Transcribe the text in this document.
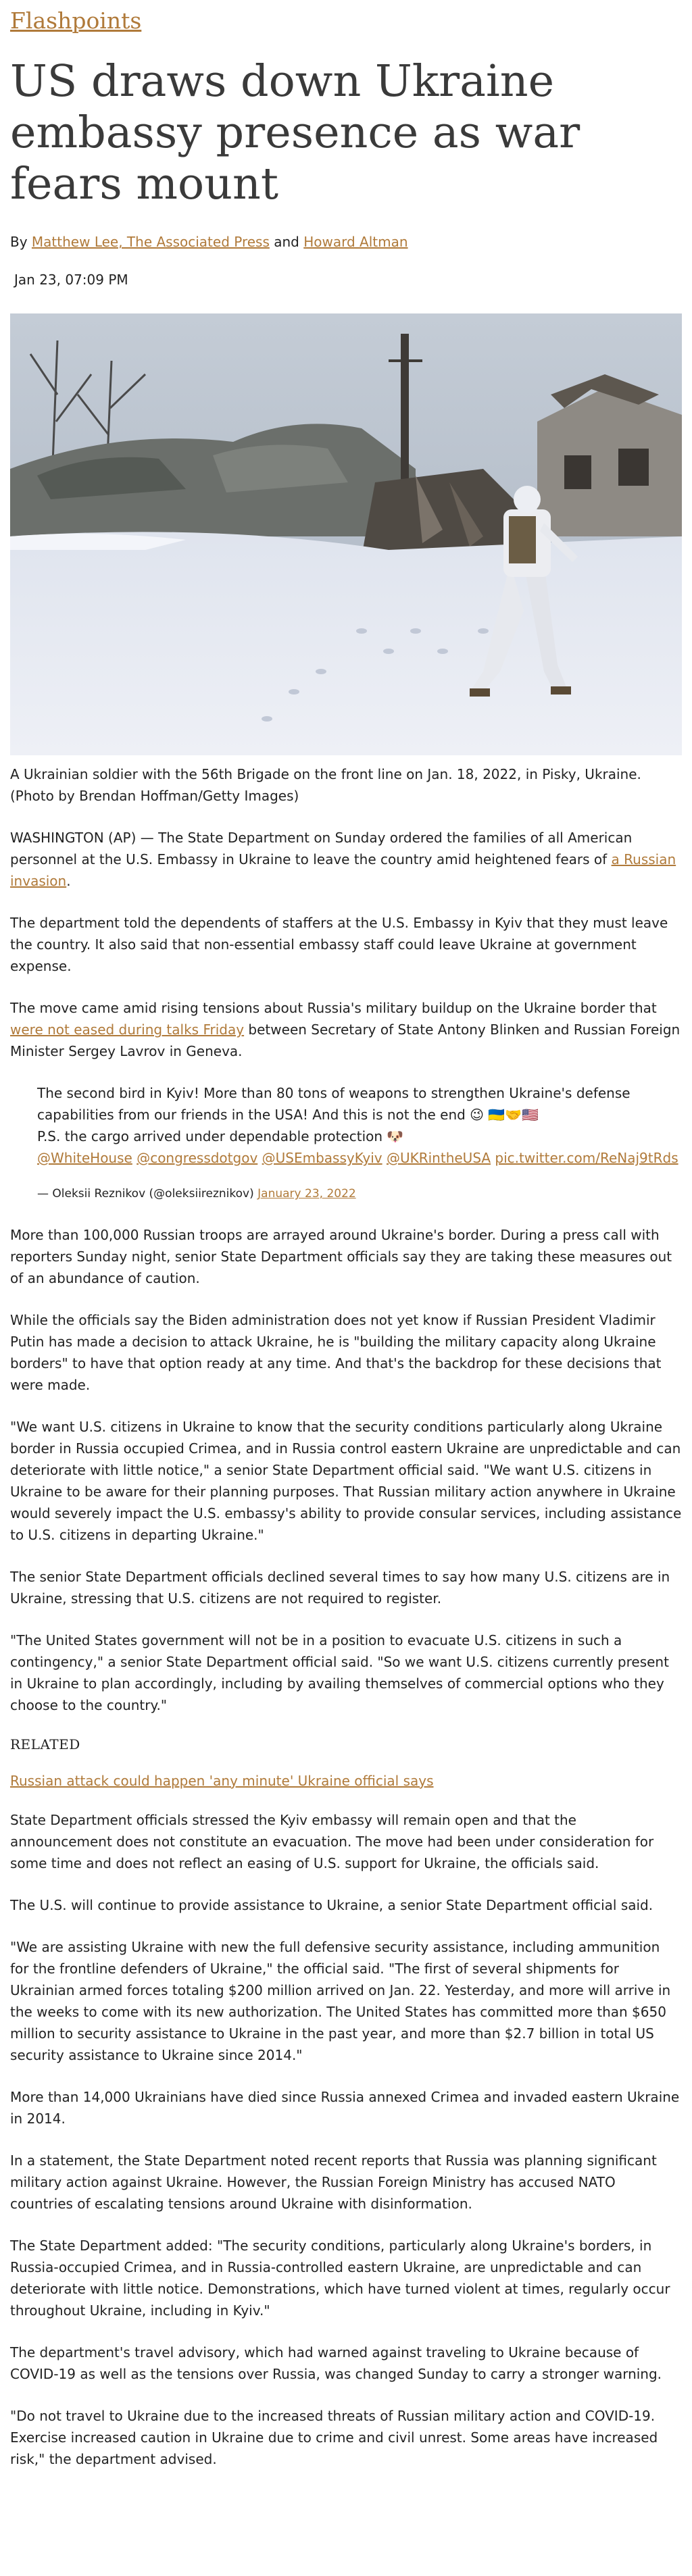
Flashpoints
US draws down Ukraine embassy presence as war fears mount
By Matthew Lee, The Associated Press and Howard Altman
Jan 23, 07:09 PM
A Ukrainian soldier with the 56th Brigade on the front line on Jan. 18, 2022, in Pisky, Ukraine. (Photo by Brendan Hoffman/Getty Images)

WASHINGTON (AP) — The State Department on Sunday ordered the families of all American personnel at the U.S. Embassy in Ukraine to leave the country amid heightened fears of a Russian invasion.

The department told the dependents of staffers at the U.S. Embassy in Kyiv that they must leave the country. It also said that non-essential embassy staff could leave Ukraine at government expense.

The move came amid rising tensions about Russia's military buildup on the Ukraine border that were not eased during talks Friday between Secretary of State Antony Blinken and Russian Foreign Minister Sergey Lavrov in Geneva.

The second bird in Kyiv! More than 80 tons of weapons to strengthen Ukraine's defense capabilities from our friends in the USA! And this is not the end 😉 🇺🇦🤝🇺🇸
P.S. the cargo arrived under dependable protection 🐶
@WhiteHouse @congressdotgov @USEmbassyKyiv @UKRintheUSA pic.twitter.com/ReNaj9tRds
— Oleksii Reznikov (@oleksiireznikov) January 23, 2022

More than 100,000 Russian troops are arrayed around Ukraine's border. During a press call with reporters Sunday night, senior State Department officials say they are taking these measures out of an abundance of caution.

While the officials say the Biden administration does not yet know if Russian President Vladimir Putin has made a decision to attack Ukraine, he is "building the military capacity along Ukraine borders" to have that option ready at any time. And that's the backdrop for these decisions that were made.

"We want U.S. citizens in Ukraine to know that the security conditions particularly along Ukraine border in Russia occupied Crimea, and in Russia control eastern Ukraine are unpredictable and can deteriorate with little notice," a senior State Department official said. "We want U.S. citizens in Ukraine to be aware for their planning purposes. That Russian military action anywhere in Ukraine would severely impact the U.S. embassy's ability to provide consular services, including assistance to U.S. citizens in departing Ukraine."

The senior State Department officials declined several times to say how many U.S. citizens are in Ukraine, stressing that U.S. citizens are not required to register.

"The United States government will not be in a position to evacuate U.S. citizens in such a contingency," a senior State Department official said. "So we want U.S. citizens currently present in Ukraine to plan accordingly, including by availing themselves of commercial options who they choose to the country."

RELATED
Russian attack could happen 'any minute' Ukraine official says

State Department officials stressed the Kyiv embassy will remain open and that the announcement does not constitute an evacuation. The move had been under consideration for some time and does not reflect an easing of U.S. support for Ukraine, the officials said.

The U.S. will continue to provide assistance to Ukraine, a senior State Department official said.

"We are assisting Ukraine with new the full defensive security assistance, including ammunition for the frontline defenders of Ukraine," the official said. "The first of several shipments for Ukrainian armed forces totaling $200 million arrived on Jan. 22. Yesterday, and more will arrive in the weeks to come with its new authorization. The United States has committed more than $650 million to security assistance to Ukraine in the past year, and more than $2.7 billion in total US security assistance to Ukraine since 2014."

More than 14,000 Ukrainians have died since Russia annexed Crimea and invaded eastern Ukraine in 2014.

In a statement, the State Department noted recent reports that Russia was planning significant military action against Ukraine. However, the Russian Foreign Ministry has accused NATO countries of escalating tensions around Ukraine with disinformation.

The State Department added: "The security conditions, particularly along Ukraine's borders, in Russia-occupied Crimea, and in Russia-controlled eastern Ukraine, are unpredictable and can deteriorate with little notice. Demonstrations, which have turned violent at times, regularly occur throughout Ukraine, including in Kyiv."

The department's travel advisory, which had warned against traveling to Ukraine because of COVID-19 as well as the tensions over Russia, was changed Sunday to carry a stronger warning.

"Do not travel to Ukraine due to the increased threats of Russian military action and COVID-19. Exercise increased caution in Ukraine due to crime and civil unrest. Some areas have increased risk," the department advised.
